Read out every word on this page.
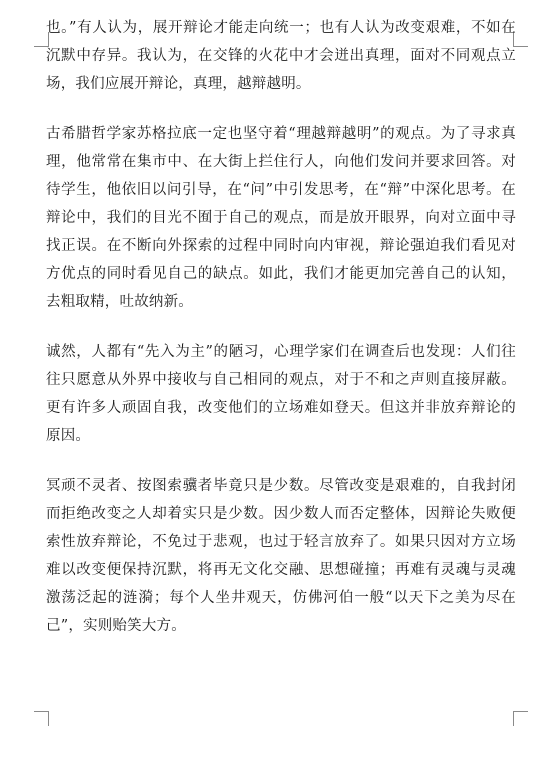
也。”有人认为，展开辩论才能走向统一；也有人认为改变艰难，不如在沉默中存异。我认为，在交锋的火花中才会迸出真理，面对不同观点立场，我们应展开辩论，真理，越辩越明。

古希腊哲学家苏格拉底一定也坚守着“理越辩越明”的观点。为了寻求真理，他常常在集市中、在大街上拦住行人，向他们发问并要求回答。对待学生，他依旧以问引导，在“问”中引发思考，在“辩”中深化思考。在辩论中，我们的目光不囿于自己的观点，而是放开眼界，向对立面中寻找正误。在不断向外探索的过程中同时向内审视，辩论强迫我们看见对方优点的同时看见自己的缺点。如此，我们才能更加完善自己的认知，去粗取精，吐故纳新。

诚然，人都有“先入为主”的陋习，心理学家们在调查后也发现：人们往往只愿意从外界中接收与自己相同的观点，对于不和之声则直接屏蔽。更有许多人顽固自我，改变他们的立场难如登天。但这并非放弃辩论的原因。

冥顽不灵者、按图索骥者毕竟只是少数。尽管改变是艰难的，自我封闭而拒绝改变之人却着实只是少数。因少数人而否定整体，因辩论失败便索性放弃辩论，不免过于悲观，也过于轻言放弃了。如果只因对方立场难以改变便保持沉默，将再无文化交融、思想碰撞；再难有灵魂与灵魂激荡泛起的涟漪；每个人坐井观天，仿佛河伯一般“以天下之美为尽在己”，实则贻笑大方。
